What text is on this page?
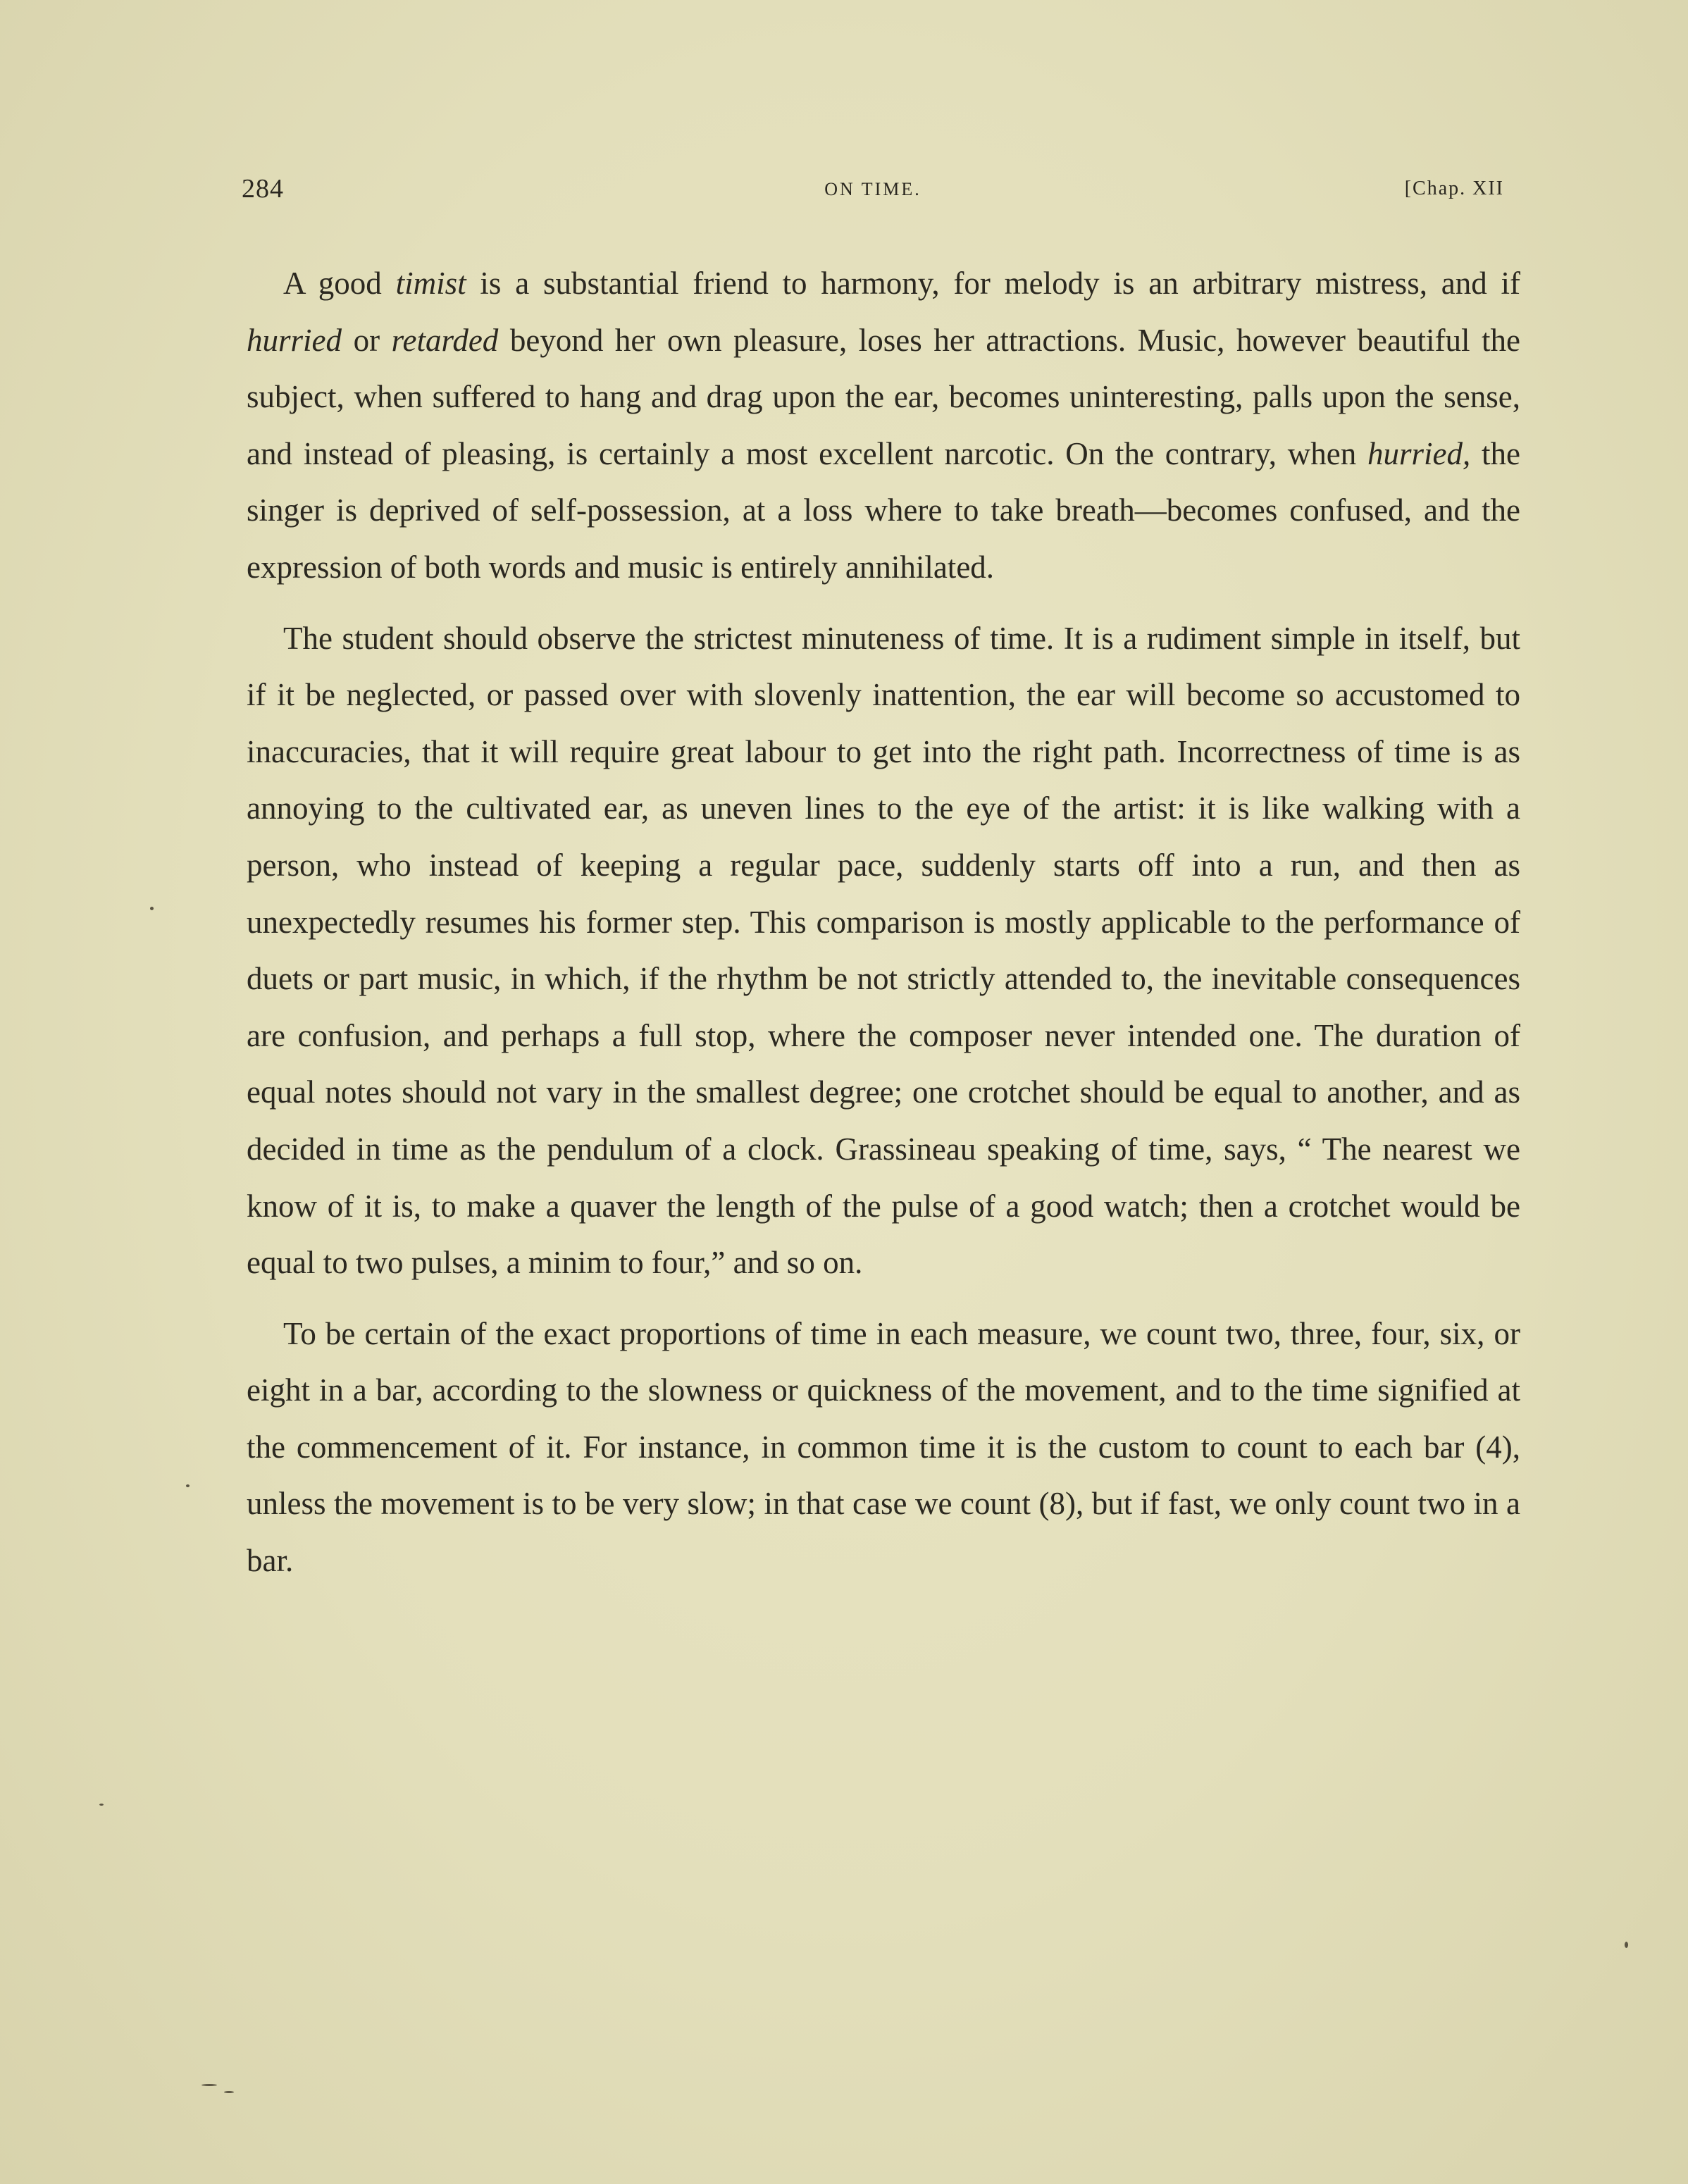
284	ON TIME.	[Chap. XII

A good timist is a substantial friend to harmony, for melody is an arbitrary mistress, and if hurried or retarded beyond her own pleasure, loses her attractions. Music, however beautiful the subject, when suffered to hang and drag upon the ear, becomes uninteresting, palls upon the sense, and instead of pleasing, is certainly a most excellent narcotic. On the contrary, when hurried, the singer is deprived of self-possession, at a loss where to take breath—becomes confused, and the expression of both words and music is entirely annihilated.

The student should observe the strictest minuteness of time. It is a rudiment simple in itself, but if it be neglected, or passed over with slovenly inattention, the ear will become so accustomed to inaccuracies, that it will require great labour to get into the right path. Incorrectness of time is as annoying to the cultivated ear, as uneven lines to the eye of the artist: it is like walking with a person, who instead of keeping a regular pace, suddenly starts off into a run, and then as unexpectedly resumes his former step. This comparison is mostly applicable to the performance of duets or part music, in which, if the rhythm be not strictly attended to, the inevitable consequences are confusion, and perhaps a full stop, where the composer never intended one. The duration of equal notes should not vary in the smallest degree; one crotchet should be equal to another, and as decided in time as the pendulum of a clock. Grassineau speaking of time, says, “ The nearest we know of it is, to make a quaver the length of the pulse of a good watch; then a crotchet would be equal to two pulses, a minim to four,” and so on.

To be certain of the exact proportions of time in each measure, we count two, three, four, six, or eight in a bar, according to the slowness or quickness of the movement, and to the time signified at the commencement of it. For instance, in common time it is the custom to count to each bar (4), unless the movement is to be very slow; in that case we count (8), but if fast, we only count two in a bar.
